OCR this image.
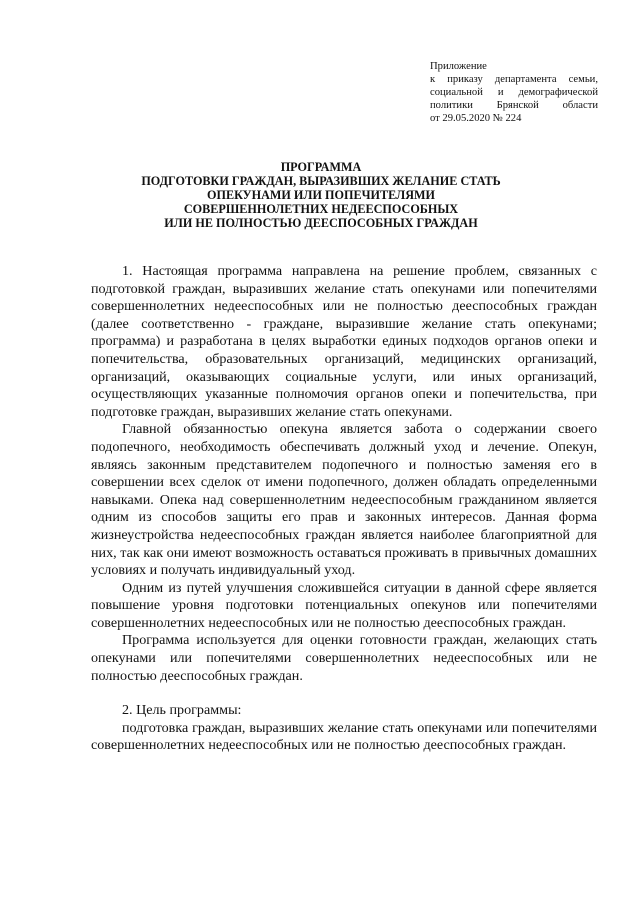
Приложение
к приказу департамента семьи,
социальной и демографической
политики Брянской области
от 29.05.2020 № 224
ПРОГРАММА
ПОДГОТОВКИ ГРАЖДАН, ВЫРАЗИВШИХ ЖЕЛАНИЕ СТАТЬ
ОПЕКУНАМИ ИЛИ ПОПЕЧИТЕЛЯМИ
СОВЕРШЕННОЛЕТНИХ НЕДЕЕСПОСОБНЫХ
ИЛИ НЕ ПОЛНОСТЬЮ ДЕЕСПОСОБНЫХ ГРАЖДАН

1. Настоящая программа направлена на решение проблем, связанных с подготовкой граждан, выразивших желание стать опекунами или попечителями совершеннолетних недееспособных или не полностью дееспособных граждан (далее соответственно - граждане, выразившие желание стать опекунами; программа) и разработана в целях выработки единых подходов органов опеки и попечительства, образовательных организаций, медицинских организаций, организаций, оказывающих социальные услуги, или иных организаций, осуществляющих указанные полномочия органов опеки и попечительства, при подготовке граждан, выразивших желание стать опекунами.

Главной обязанностью опекуна является забота о содержании своего подопечного, необходимость обеспечивать должный уход и лечение. Опекун, являясь законным представителем подопечного и полностью заменяя его в совершении всех сделок от имени подопечного, должен обладать определенными навыками. Опека над совершеннолетним недееспособным гражданином является одним из способов защиты его прав и законных интересов. Данная форма жизнеустройства недееспособных граждан является наиболее благоприятной для них, так как они имеют возможность оставаться проживать в привычных домашних условиях и получать индивидуальный уход.

Одним из путей улучшения сложившейся ситуации в данной сфере является повышение уровня подготовки потенциальных опекунов или попечителями совершеннолетних недееспособных или не полностью дееспособных граждан.

Программа используется для оценки готовности граждан, желающих стать опекунами или попечителями совершеннолетних недееспособных или не полностью дееспособных граждан.

2. Цель программы:

подготовка граждан, выразивших желание стать опекунами или попечителями совершеннолетних недееспособных или не полностью дееспособных граждан.
